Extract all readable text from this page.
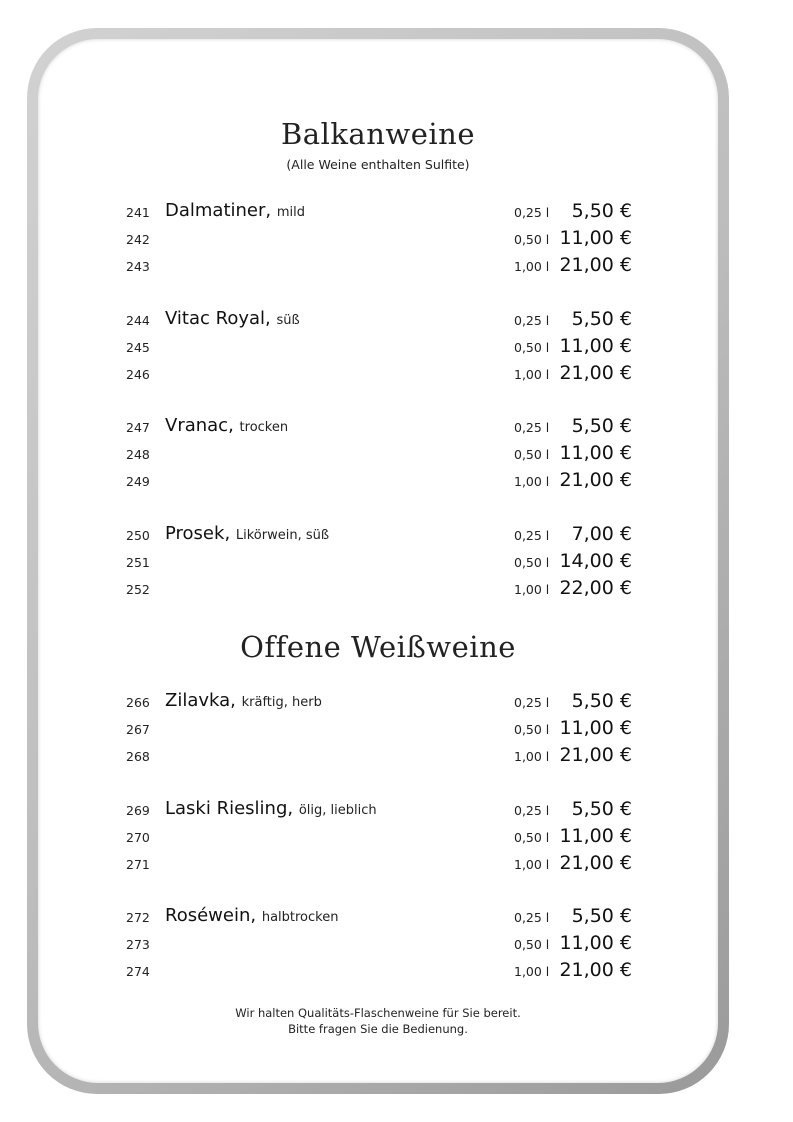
Balkanweine
(Alle Weine enthalten Sulfite)
241 Dalmatiner, mild	0,25 l 5,50 €
242	0,50 l 11,00 €
243	1,00 l 21,00 €
244 Vitac Royal, süß	0,25 l 5,50 €
245	0,50 l 11,00 €
246	1,00 l 21,00 €
247 Vranac, trocken	0,25 l 5,50 €
248	0,50 l 11,00 €
249	1,00 l 21,00 €
250 Prosek, Likörwein, süß	0,25 l 7,00 €
251	0,50 l 14,00 €
252	1,00 l 22,00 €
Offene Weißweine
266 Zilavka, kräftig, herb	0,25 l 5,50 €
267	0,50 l 11,00 €
268	1,00 l 21,00 €
269 Laski Riesling, ölig, lieblich	0,25 l 5,50 €
270	0,50 l 11,00 €
271	1,00 l 21,00 €
272 Roséwein, halbtrocken	0,25 l 5,50 €
273	0,50 l 11,00 €
274	1,00 l 21,00 €
Wir halten Qualitäts-Flaschenweine für Sie bereit.
Bitte fragen Sie die Bedienung.
